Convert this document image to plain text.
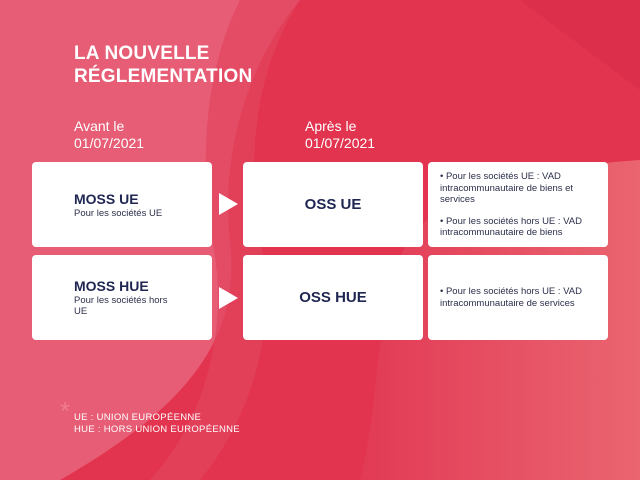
LA NOUVELLE
RÉGLEMENTATION
Avant le
01/07/2021
Après le
01/07/2021
MOSS UE
Pour les sociétés UE
OSS UE
• Pour les sociétés UE : VAD intracommunautaire de biens et services
• Pour les sociétés hors UE : VAD intracommunautaire de biens
MOSS HUE
Pour les sociétés hors UE
OSS HUE	• Pour les sociétés hors UE : VAD intracommunautaire de services
* UE : UNION EUROPÉENNE
HUE : HORS UNION EUROPÉENNE
